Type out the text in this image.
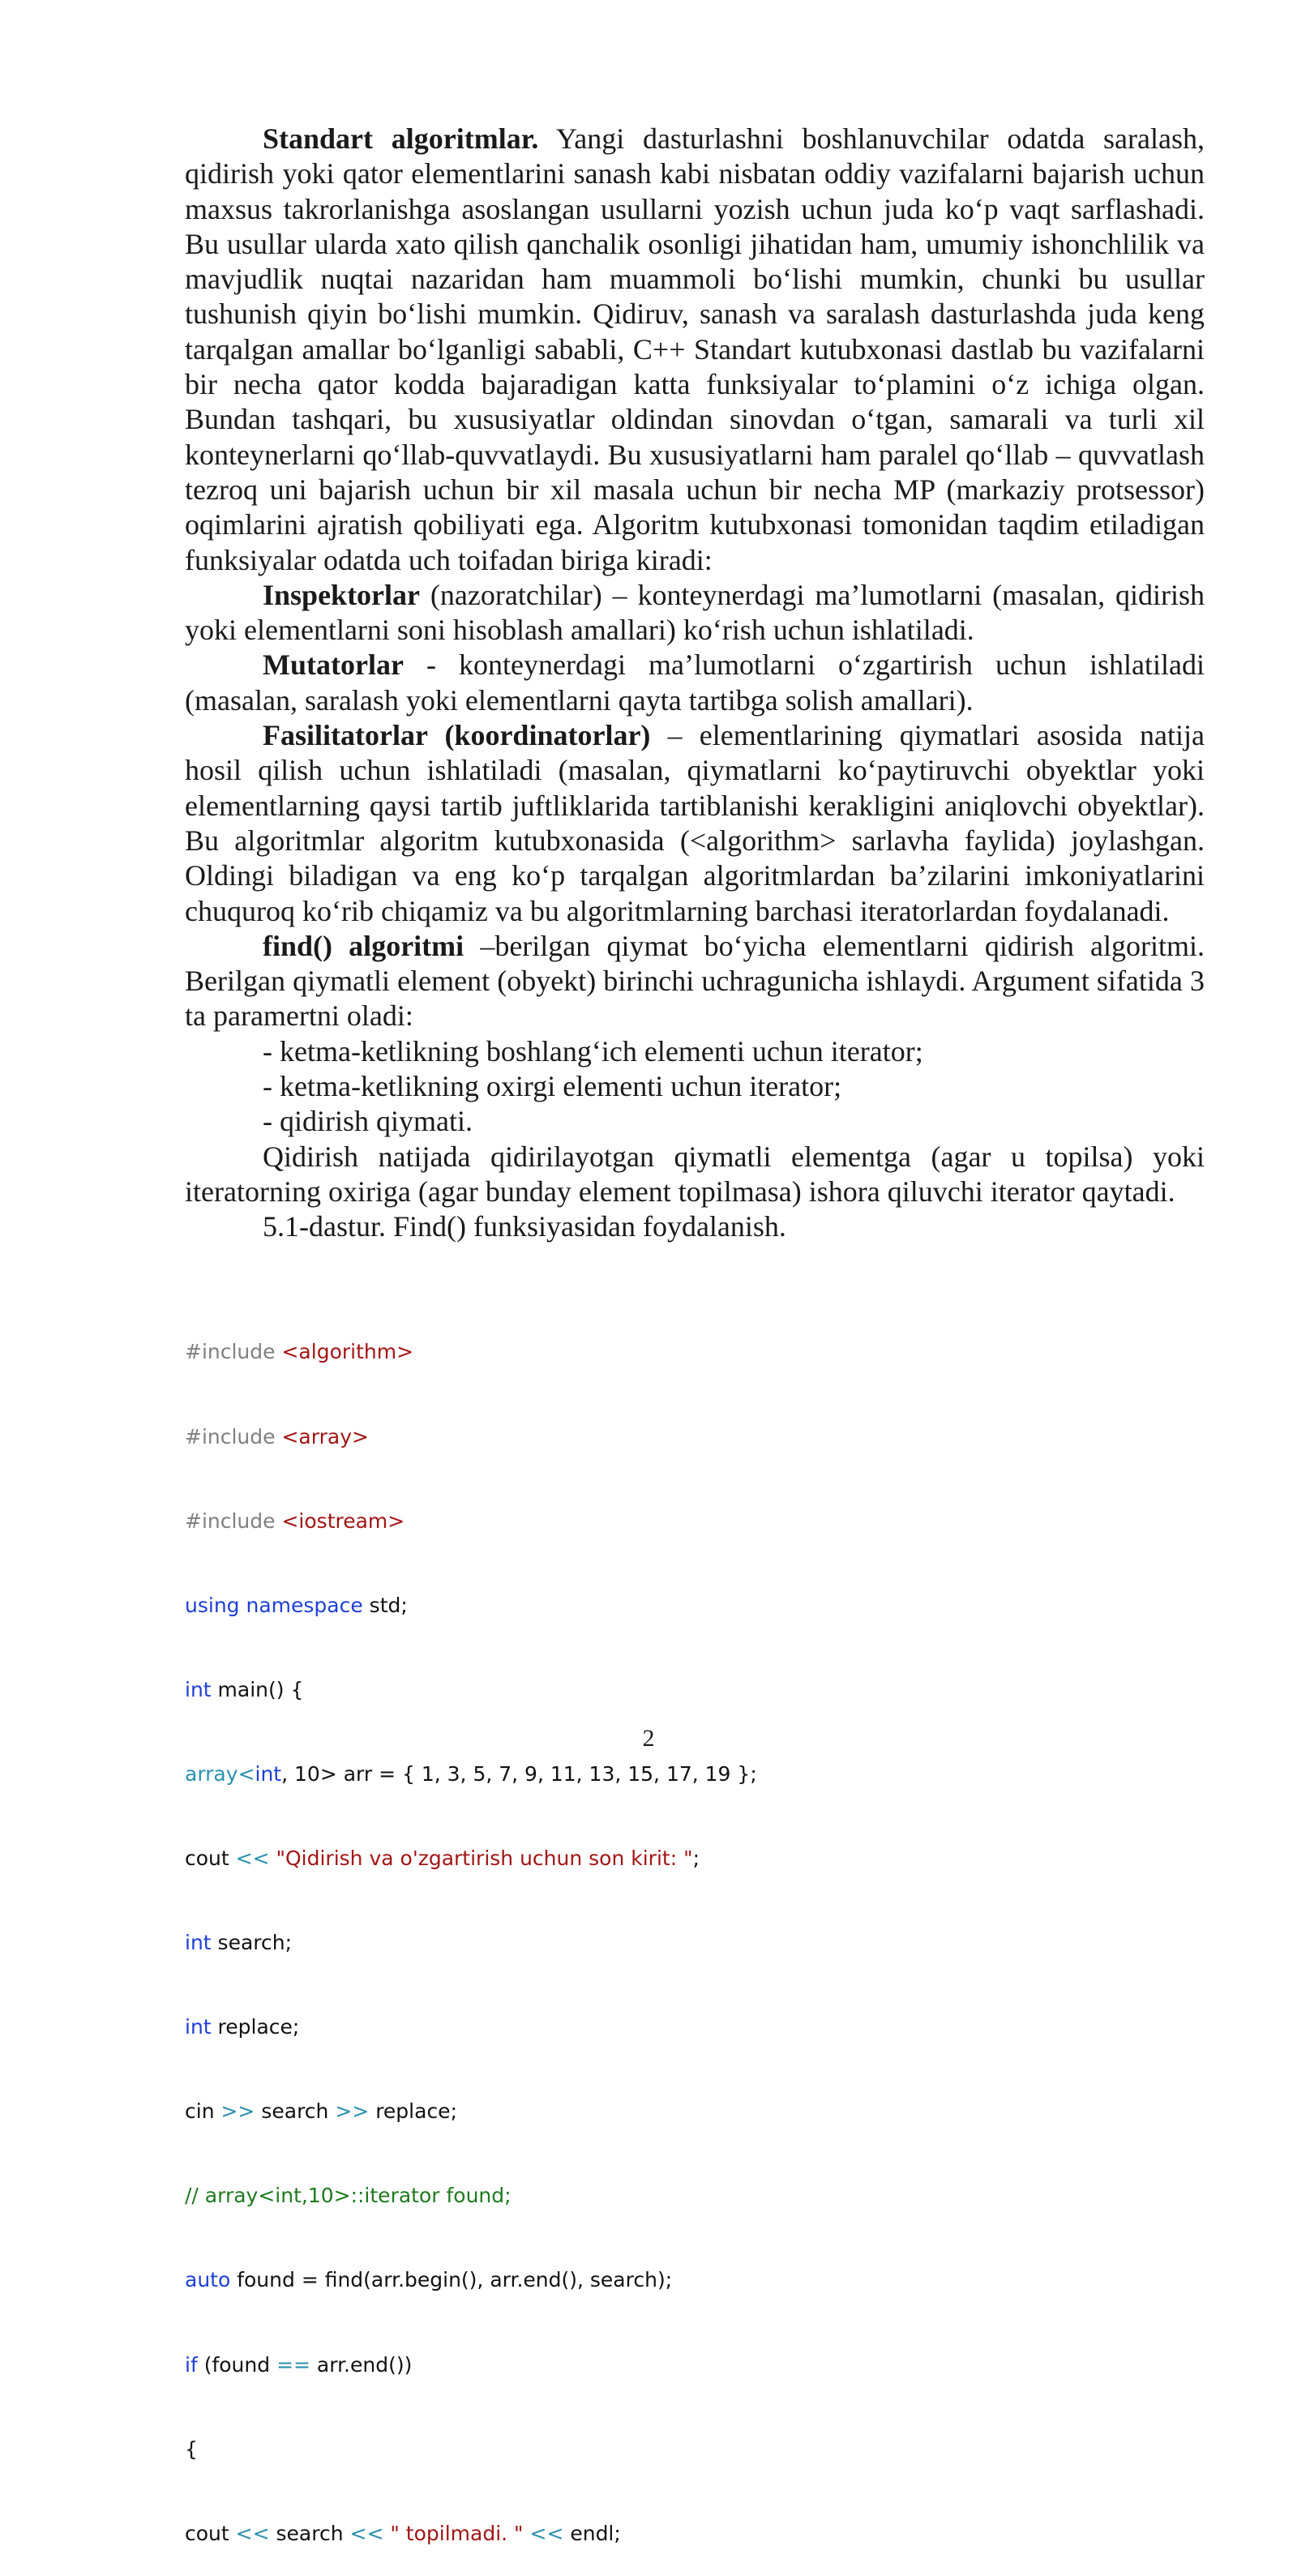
Standart algoritmlar. Yangi dasturlashni boshlanuvchilar odatda saralash, qidirish yoki qator elementlarini sanash kabi nisbatan oddiy vazifalarni bajarish uchun maxsus takrorlanishga asoslangan usullarni yozish uchun juda ko‘p vaqt sarflashadi. Bu usullar ularda xato qilish qanchalik osonligi jihatidan ham, umumiy ishonchlilik va mavjudlik nuqtai nazaridan ham muammoli bo‘lishi mumkin, chunki bu usullar tushunish qiyin bo‘lishi mumkin. Qidiruv, sanash va saralash dasturlashda juda keng tarqalgan amallar bo‘lganligi sababli, C++ Standart kutubxonasi dastlab bu vazifalarni bir necha qator kodda bajaradigan katta funksiyalar to‘plamini o‘z ichiga olgan. Bundan tashqari, bu xususiyatlar oldindan sinovdan o‘tgan, samarali va turli xil konteynerlarni qo‘llab-quvvatlaydi. Bu xususiyatlarni ham paralel qo‘llab – quvvatlash tezroq uni bajarish uchun bir xil masala uchun bir necha MP (markaziy protsessor) oqimlarini ajratish qobiliyati ega. Algoritm kutubxonasi tomonidan taqdim etiladigan funksiyalar odatda uch toifadan biriga kiradi:

Inspektorlar (nazoratchilar) – konteynerdagi ma’lumotlarni (masalan, qidirish yoki elementlarni soni hisoblash amallari) ko‘rish uchun ishlatiladi.

Mutatorlar - konteynerdagi ma’lumotlarni o‘zgartirish uchun ishlatiladi (masalan, saralash yoki elementlarni qayta tartibga solish amallari).

Fasilitatorlar (koordinatorlar) – elementlarining qiymatlari asosida natija hosil qilish uchun ishlatiladi (masalan, qiymatlarni ko‘paytiruvchi obyektlar yoki elementlarning qaysi tartib juftliklarida tartiblanishi kerakligini aniqlovchi obyektlar). Bu algoritmlar algoritm kutubxonasida (<algorithm> sarlavha faylida) joylashgan. Oldingi biladigan va eng ko‘p tarqalgan algoritmlardan ba’zilarini imkoniyatlarini chuquroq ko‘rib chiqamiz va bu algoritmlarning barchasi iteratorlardan foydalanadi.

find() algoritmi –berilgan qiymat bo‘yicha elementlarni qidirish algoritmi. Berilgan qiymatli element (obyekt) birinchi uchragunicha ishlaydi. Argument sifatida 3 ta paramertni oladi:

- ketma-ketlikning boshlang‘ich elementi uchun iterator;

- ketma-ketlikning oxirgi elementi uchun iterator;

- qidirish qiymati.

Qidirish natijada qidirilayotgan qiymatli elementga (agar u topilsa) yoki iteratorning oxiriga (agar bunday element topilmasa) ishora qiluvchi iterator qaytadi.

5.1-dastur. Find() funksiyasidan foydalanish.

#include <algorithm>

#include <array>

#include <iostream>

using namespace std;

int main() {

array<int, 10> arr = { 1, 3, 5, 7, 9, 11, 13, 15, 17, 19 };

cout << "Qidirish va o'zgartirish uchun son kirit: ";

int search;

int replace;

cin >> search >> replace;

// array<int,10>::iterator found;

auto found = find(arr.begin(), arr.end(), search);

if (found == arr.end())

{

cout << search << " topilmadi. " << endl;

2
